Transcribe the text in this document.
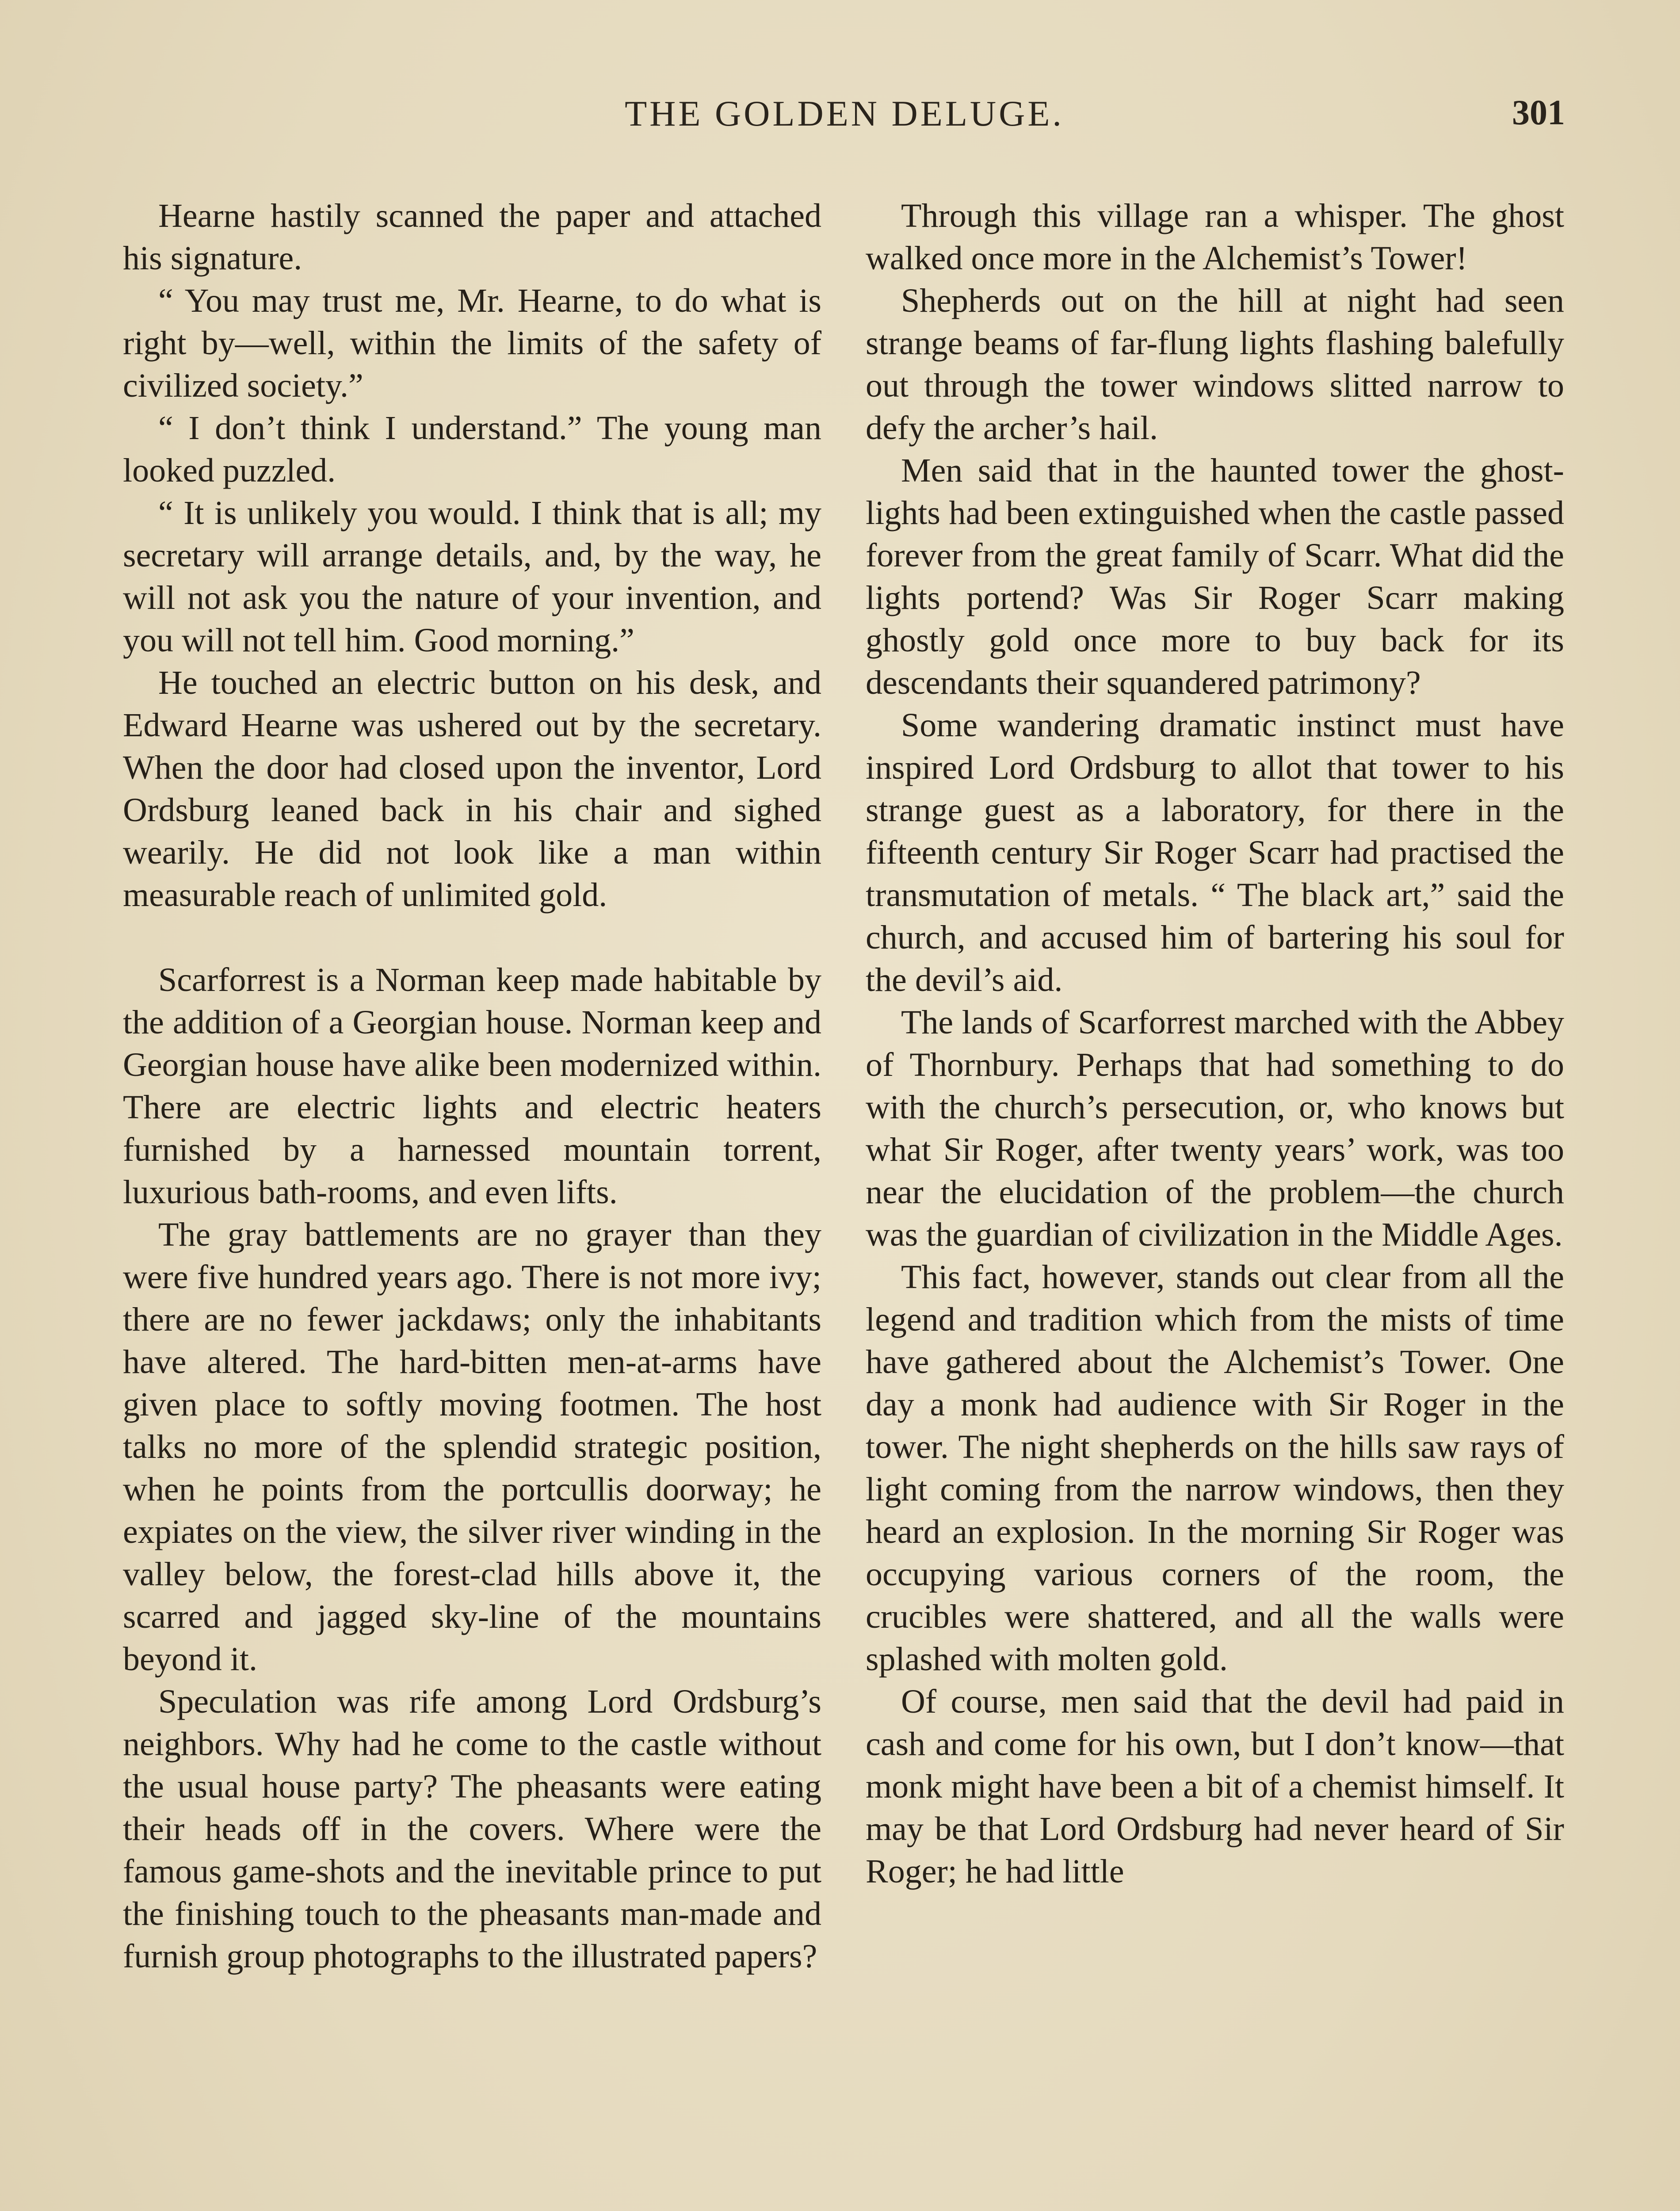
THE GOLDEN DELUGE.	301

Hearne hastily scanned the paper and attached his signature.

“ You may trust me, Mr. Hearne, to do what is right by—well, within the limits of the safety of civilized society.”

“ I don’t think I understand.” The young man looked puzzled.

“ It is unlikely you would. I think that is all; my secretary will arrange details, and, by the way, he will not ask you the nature of your invention, and you will not tell him. Good morning.”

He touched an electric button on his desk, and Edward Hearne was ushered out by the secretary. When the door had closed upon the inventor, Lord Ordsburg leaned back in his chair and sighed wearily. He did not look like a man within measurable reach of unlimited gold.

Scarforrest is a Norman keep made habitable by the addition of a Georgian house. Norman keep and Georgian house have alike been modernized within. There are electric lights and electric heaters furnished by a harnessed mountain torrent, luxurious bath-rooms, and even lifts.

The gray battlements are no grayer than they were five hundred years ago. There is not more ivy; there are no fewer jackdaws; only the inhabitants have altered. The hard-bitten men-at-arms have given place to softly moving footmen. The host talks no more of the splendid strategic position, when he points from the portcullis doorway; he expiates on the view, the silver river winding in the valley below, the forest-clad hills above it, the scarred and jagged sky-line of the mountains beyond it.

Speculation was rife among Lord Ordsburg’s neighbors. Why had he come to the castle without the usual house party? The pheasants were eating their heads off in the covers. Where were the famous game-shots and the inevitable prince to put the finishing touch to the pheasants man-made and furnish group photographs to the illustrated papers?

Through this village ran a whisper. The ghost walked once more in the Alchemist’s Tower!

Shepherds out on the hill at night had seen strange beams of far-flung lights flashing balefully out through the tower windows slitted narrow to defy the archer’s hail.

Men said that in the haunted tower the ghost-lights had been extinguished when the castle passed forever from the great family of Scarr. What did the lights portend? Was Sir Roger Scarr making ghostly gold once more to buy back for its descendants their squandered patrimony?

Some wandering dramatic instinct must have inspired Lord Ordsburg to allot that tower to his strange guest as a laboratory, for there in the fifteenth century Sir Roger Scarr had practised the transmutation of metals. “ The black art,” said the church, and accused him of bartering his soul for the devil’s aid.

The lands of Scarforrest marched with the Abbey of Thornbury. Perhaps that had something to do with the church’s persecution, or, who knows but what Sir Roger, after twenty years’ work, was too near the elucidation of the problem—the church was the guardian of civilization in the Middle Ages.

This fact, however, stands out clear from all the legend and tradition which from the mists of time have gathered about the Alchemist’s Tower. One day a monk had audience with Sir Roger in the tower. The night shepherds on the hills saw rays of light coming from the narrow windows, then they heard an explosion. In the morning Sir Roger was occupying various corners of the room, the crucibles were shattered, and all the walls were splashed with molten gold.

Of course, men said that the devil had paid in cash and come for his own, but I don’t know—that monk might have been a bit of a chemist himself. It may be that Lord Ordsburg had never heard of Sir Roger; he had little
